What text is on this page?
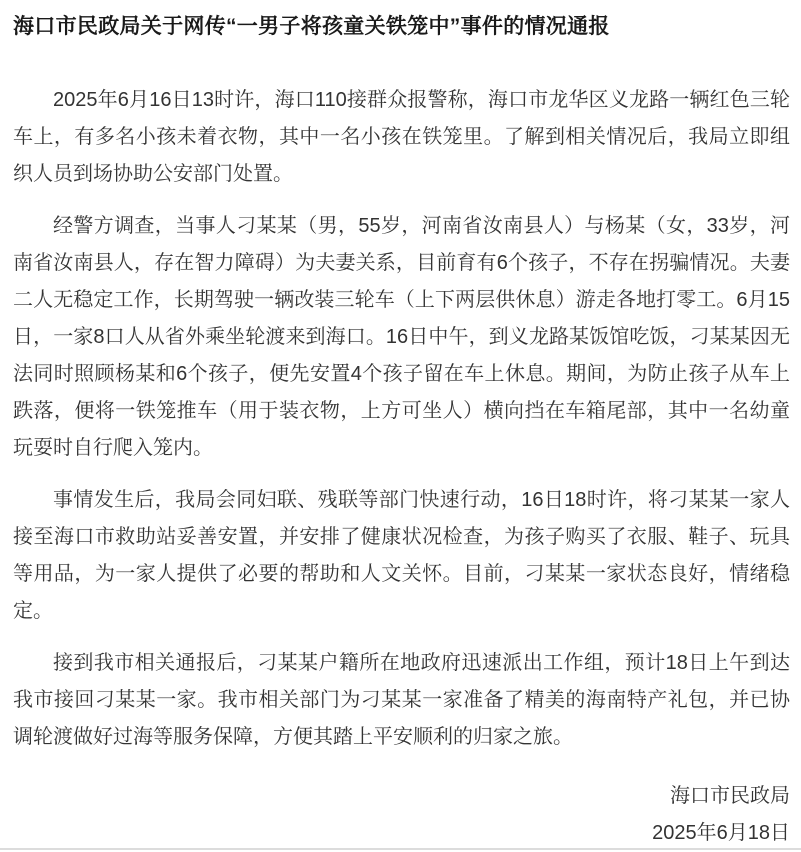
海口市民政局关于网传“一男子将孩童关铁笼中”事件的情况通报

2025年6月16日13时许，海口110接群众报警称，海口市龙华区义龙路一辆红色三轮车上，有多名小孩未着衣物，其中一名小孩在铁笼里。了解到相关情况后，我局立即组织人员到场协助公安部门处置。

经警方调查，当事人刁某某（男，55岁，河南省汝南县人）与杨某（女，33岁，河南省汝南县人，存在智力障碍）为夫妻关系，目前育有6个孩子，不存在拐骗情况。夫妻二人无稳定工作，长期驾驶一辆改装三轮车（上下两层供休息）游走各地打零工。6月15日，一家8口人从省外乘坐轮渡来到海口。16日中午，到义龙路某饭馆吃饭，刁某某因无法同时照顾杨某和6个孩子，便先安置4个孩子留在车上休息。期间，为防止孩子从车上跌落，便将一铁笼推车（用于装衣物，上方可坐人）横向挡在车箱尾部，其中一名幼童玩耍时自行爬入笼内。

事情发生后，我局会同妇联、残联等部门快速行动，16日18时许，将刁某某一家人接至海口市救助站妥善安置，并安排了健康状况检查，为孩子购买了衣服、鞋子、玩具等用品，为一家人提供了必要的帮助和人文关怀。目前，刁某某一家状态良好，情绪稳定。

接到我市相关通报后，刁某某户籍所在地政府迅速派出工作组，预计18日上午到达我市接回刁某某一家。我市相关部门为刁某某一家准备了精美的海南特产礼包，并已协调轮渡做好过海等服务保障，方便其踏上平安顺利的归家之旅。

海口市民政局

2025年6月18日
